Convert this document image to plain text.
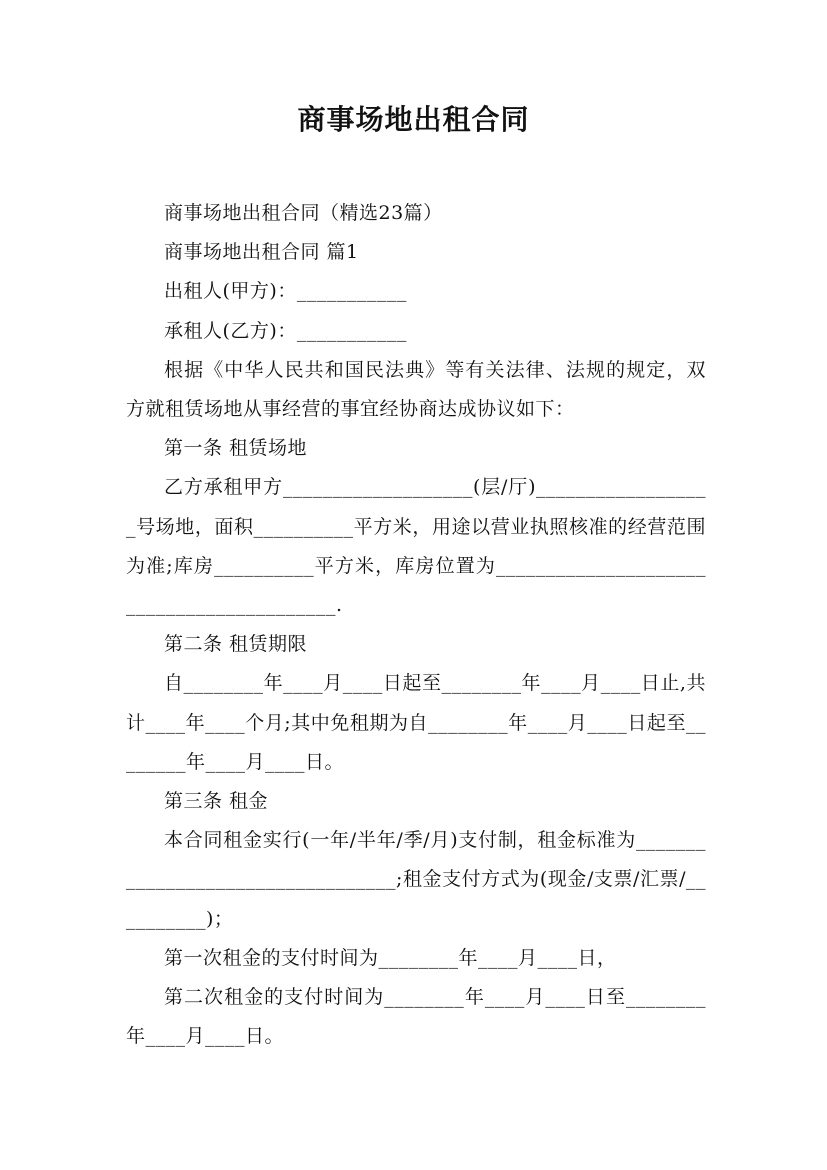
商事场地出租合同

商事场地出租合同（精选23篇）

商事场地出租合同 篇1

出租人(甲方)：___________

承租人(乙方)：___________

根据《中华人民共和国民法典》等有关法律、法规的规定，双方就租赁场地从事经营的事宜经协商达成协议如下：

第一条 租赁场地

乙方承租甲方___________________(层/厅)__________________号场地，面积__________平方米，用途以营业执照核准的经营范围为准;库房__________平方米，库房位置为__________________________________________.

第二条 租赁期限

自________年____月____日起至________年____月____日止,共计____年____个月;其中免租期为自________年____月____日起至________年____月____日。

第三条 租金

本合同租金实行(一年/半年/季/月)支付制，租金标准为__________________________________;租金支付方式为(现金/支票/汇票/__________)；

第一次租金的支付时间为________年____月____日，

第二次租金的支付时间为________年____月____日至________年____月____日。
